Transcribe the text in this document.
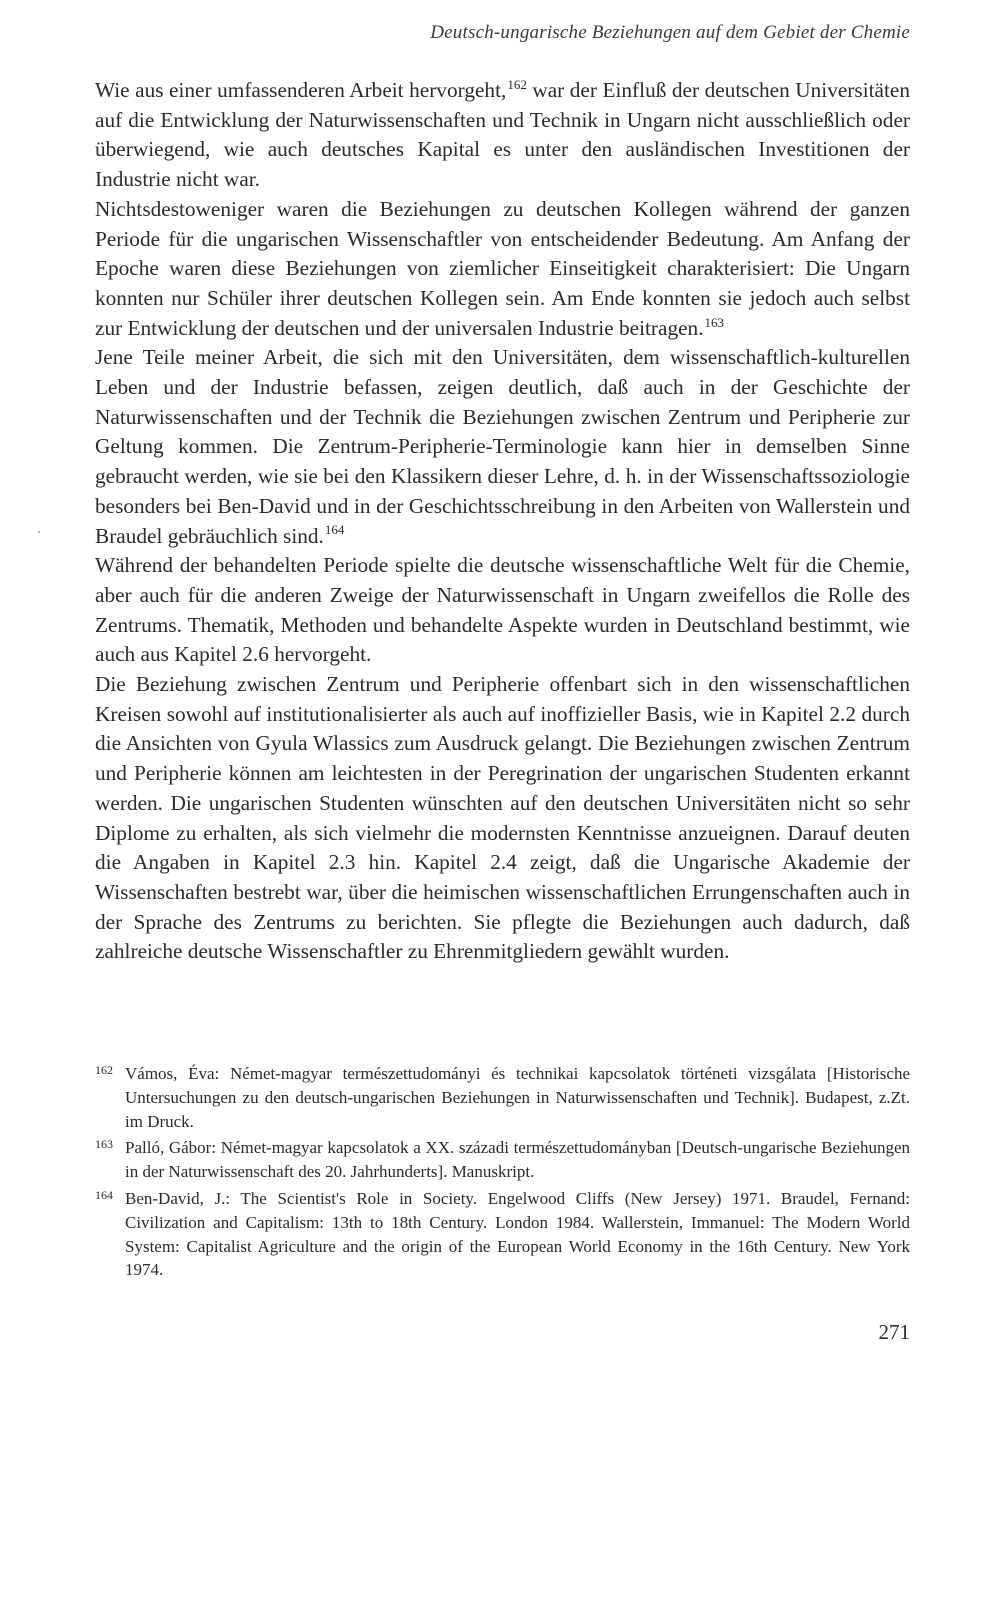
Deutsch-ungarische Beziehungen auf dem Gebiet der Chemie

Wie aus einer umfassenderen Arbeit hervorgeht,$^{162}$ war der Einfluß der deutschen Universitäten auf die Entwicklung der Naturwissenschaften und Technik in Ungarn nicht ausschließlich oder überwiegend, wie auch deutsches Kapital es unter den ausländischen Investitionen der Industrie nicht war.

Nichtsdestoweniger waren die Beziehungen zu deutschen Kollegen während der ganzen Periode für die ungarischen Wissenschaftler von entscheidender Bedeutung. Am Anfang der Epoche waren diese Beziehungen von ziemlicher Einseitigkeit charakterisiert: Die Ungarn konnten nur Schüler ihrer deutschen Kollegen sein. Am Ende konnten sie jedoch auch selbst zur Entwicklung der deutschen und der universalen Industrie beitragen.$^{163}$

Jene Teile meiner Arbeit, die sich mit den Universitäten, dem wissenschaftlich-kulturellen Leben und der Industrie befassen, zeigen deutlich, daß auch in der Geschichte der Naturwissenschaften und der Technik die Beziehungen zwischen Zentrum und Peripherie zur Geltung kommen. Die Zentrum-Peripherie-Terminologie kann hier in demselben Sinne gebraucht werden, wie sie bei den Klassikern dieser Lehre, d. h. in der Wissenschaftssoziologie besonders bei Ben-David und in der Geschichtsschreibung in den Arbeiten von Wallerstein und Braudel gebräuchlich sind.$^{164}$

Während der behandelten Periode spielte die deutsche wissenschaftliche Welt für die Chemie, aber auch für die anderen Zweige der Naturwissenschaft in Ungarn zweifellos die Rolle des Zentrums. Thematik, Methoden und behandelte Aspekte wurden in Deutschland bestimmt, wie auch aus Kapitel 2.6 hervorgeht.

Die Beziehung zwischen Zentrum und Peripherie offenbart sich in den wissenschaftlichen Kreisen sowohl auf institutionalisierter als auch auf inoffizieller Basis, wie in Kapitel 2.2 durch die Ansichten von Gyula Wlassics zum Ausdruck gelangt. Die Beziehungen zwischen Zentrum und Peripherie können am leichtesten in der Peregrination der ungarischen Studenten erkannt werden. Die ungarischen Studenten wünschten auf den deutschen Universitäten nicht so sehr Diplome zu erhalten, als sich vielmehr die modernsten Kenntnisse anzueignen. Darauf deuten die Angaben in Kapitel 2.3 hin. Kapitel 2.4 zeigt, daß die Ungarische Akademie der Wissenschaften bestrebt war, über die heimischen wissenschaftlichen Errungenschaften auch in der Sprache des Zentrums zu berichten. Sie pflegte die Beziehungen auch dadurch, daß zahlreiche deutsche Wissenschaftler zu Ehrenmitgliedern gewählt wurden.

162 Vámos, Éva: Német-magyar természettudományi és technikai kapcsolatok történeti vizsgálata [Historische Untersuchungen zu den deutsch-ungarischen Beziehungen in Naturwissenschaften und Technik]. Budapest, z.Zt. im Druck.
163 Palló, Gábor: Német-magyar kapcsolatok a XX. századi természettudományban [Deutsch-ungarische Beziehungen in der Naturwissenschaft des 20. Jahrhunderts]. Manuskript.
164 Ben-David, J.: The Scientist's Role in Society. Engelwood Cliffs (New Jersey) 1971. Braudel, Fernand: Civilization and Capitalism: 13th to 18th Century. London 1984. Wallerstein, Immanuel: The Modern World System: Capitalist Agriculture and the origin of the European World Economy in the 16th Century. New York 1974.
271
